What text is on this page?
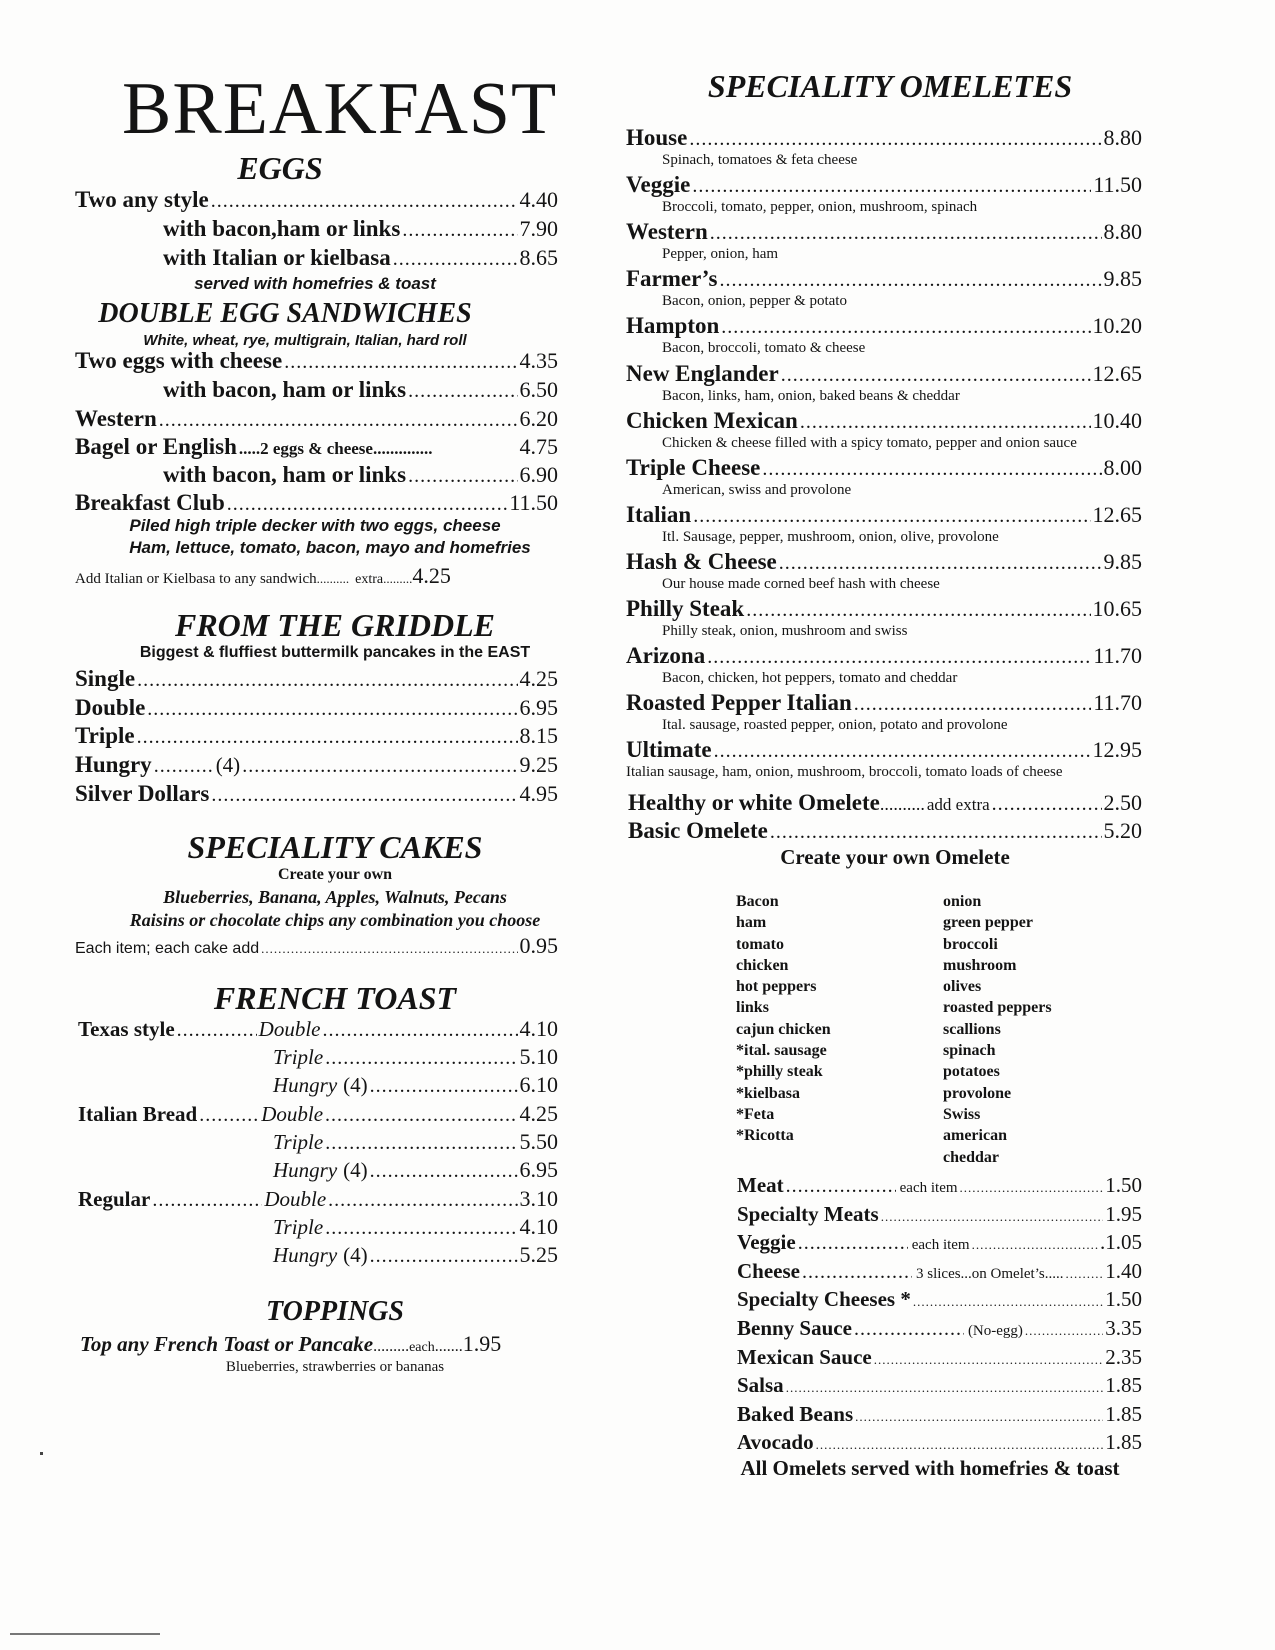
BREAKFAST
EGGS
Two any style .....	4.40
with bacon,ham or links .....	7.90
with Italian or kielbasa .....	8.65
served with homefries & toast
DOUBLE EGG SANDWICHES
White, wheat, rye, multigrain, Italian, hard roll
Two eggs with cheese .....	4.35
with bacon, ham or links .....	6.50
Western .....	6.20
Bagel or English .....2 eggs & cheese..............	4.75
with bacon, ham or links .....	6.90
Breakfast Club .....	11.50
Piled high triple decker with two eggs, cheese
Ham, lettuce, tomato, bacon, mayo and homefries
Add Italian or Kielbasa to any sandwich .......... extra ......... 4.25
FROM THE GRIDDLE
Biggest & fluffiest buttermilk pancakes in the EAST
Single .....	4.25
Double .....	6.95
Triple .....	8.15
Hungry .....	(4) .....	9.25
Silver Dollars .....	4.95
SPECIALITY CAKES
Create your own
Blueberries, Banana, Apples, Walnuts, Pecans
Raisins or chocolate chips any combination you choose
Each item; each cake add .....	0.95
FRENCH TOAST
Texas style .....	Double .....	4.10
Triple .....	5.10
Hungry (4) .....	6.10
Italian Bread .....	Double .....	4.25
Triple .....	5.50
Hungry (4) .....	6.95
Regular .....	Double .....	3.10
Triple .....	4.10
Hungry (4) .....	5.25
TOPPINGS
Top any French Toast or Pancake ......... each ....... 1.95
Blueberries, strawberries or bananas
SPECIALITY OMELETES
House .....	8.80
Spinach, tomatoes & feta cheese
Veggie .....	11.50
Broccoli, tomato, pepper, onion, mushroom, spinach
Western .....	8.80
Pepper, onion, ham
Farmer’s .....	9.85
Bacon, onion, pepper & potato
Hampton .....	10.20
Bacon, broccoli, tomato & cheese
New Englander .....	12.65
Bacon, links, ham, onion, baked beans & cheddar
Chicken Mexican .....	10.40
Chicken & cheese filled with a spicy tomato, pepper and onion sauce
Triple Cheese .....	8.00
American, swiss and provolone
Italian .....	12.65
Itl. Sausage, pepper, mushroom, onion, olive, provolone
Hash & Cheese .....	9.85
Our house made corned beef hash with cheese
Philly Steak .....	10.65
Philly steak, onion, mushroom and swiss
Arizona .....	11.70
Bacon, chicken, hot peppers, tomato and cheddar
Roasted Pepper Italian .....	11.70
Ital. sausage, roasted pepper, onion, potato and provolone
Ultimate .....	12.95
Italian sausage, ham, onion, mushroom, broccoli, tomato loads of cheese
Healthy or white Omelete .......... add extra .....	2.50
Basic Omelete .....	5.20
Create your own Omelete
Bacon
ham
tomato
chicken
hot peppers
links
cajun chicken
*ital. sausage
*philly steak
*kielbasa
*Feta
*Ricotta
onion
green pepper
broccoli
mushroom
olives
roasted peppers
scallions
spinach
potatoes
provolone
Swiss
american
cheddar
Meat .....	each item .....	1.50
Specialty Meats .....	1.95
Veggie .....	each item .....	.1.05
Cheese .....	3 slices...on Omelet’s..... ..... 1.40
Specialty Cheeses * .....	1.50
Benny Sauce .....	(No-egg) .....	3.35
Mexican Sauce .....	2.35
Salsa .....	1.85
Baked Beans .....	1.85
Avocado .....	1.85
All Omelets served with homefries & toast
